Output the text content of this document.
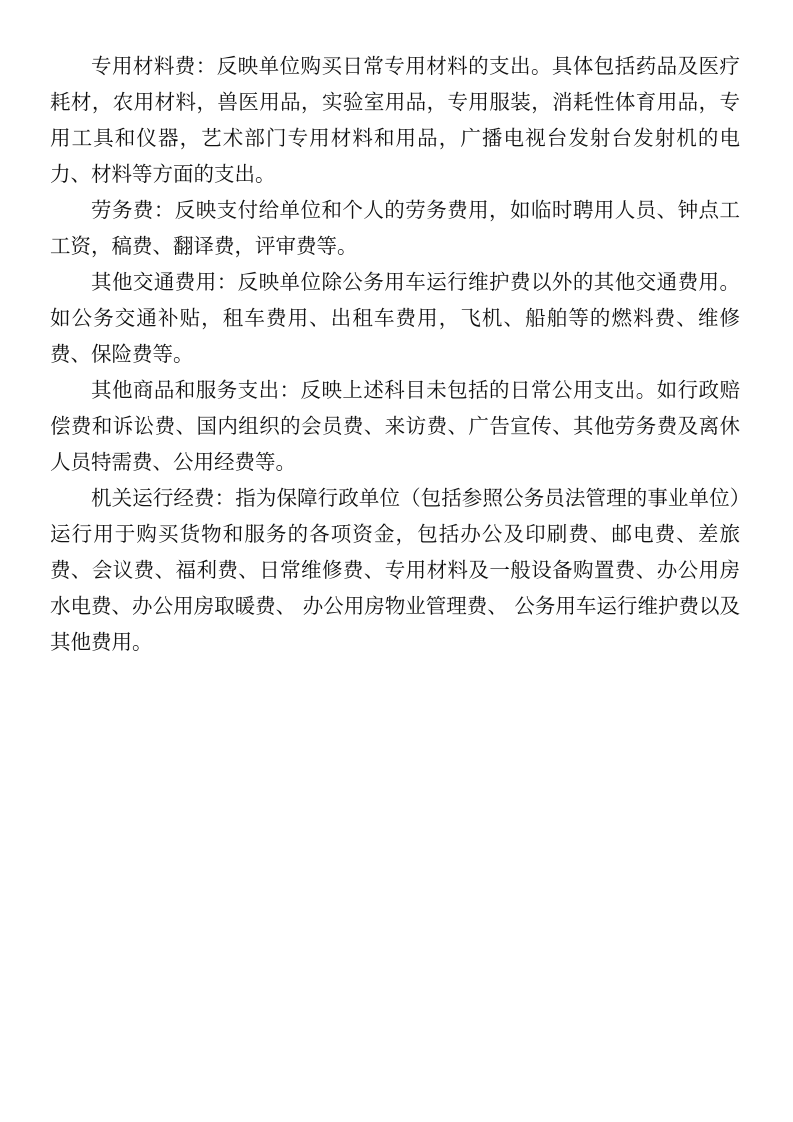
专用材料费：反映单位购买日常专用材料的支出。具体包括药品及医疗耗材，农用材料，兽医用品，实验室用品，专用服装，消耗性体育用品，专用工具和仪器，艺术部门专用材料和用品，广播电视台发射台发射机的电力、材料等方面的支出。

劳务费：反映支付给单位和个人的劳务费用，如临时聘用人员、钟点工工资，稿费、翻译费，评审费等。

其他交通费用：反映单位除公务用车运行维护费以外的其他交通费用。如公务交通补贴，租车费用、出租车费用，飞机、船舶等的燃料费、维修费、保险费等。

其他商品和服务支出：反映上述科目未包括的日常公用支出。如行政赔偿费和诉讼费、国内组织的会员费、来访费、广告宣传、其他劳务费及离休人员特需费、公用经费等。

机关运行经费：指为保障行政单位（包括参照公务员法管理的事业单位）运行用于购买货物和服务的各项资金，包括办公及印刷费、邮电费、差旅费、会议费、福利费、日常维修费、专用材料及一般设备购置费、办公用房水电费、办公用房取暖费、 办公用房物业管理费、 公务用车运行维护费以及其他费用。
